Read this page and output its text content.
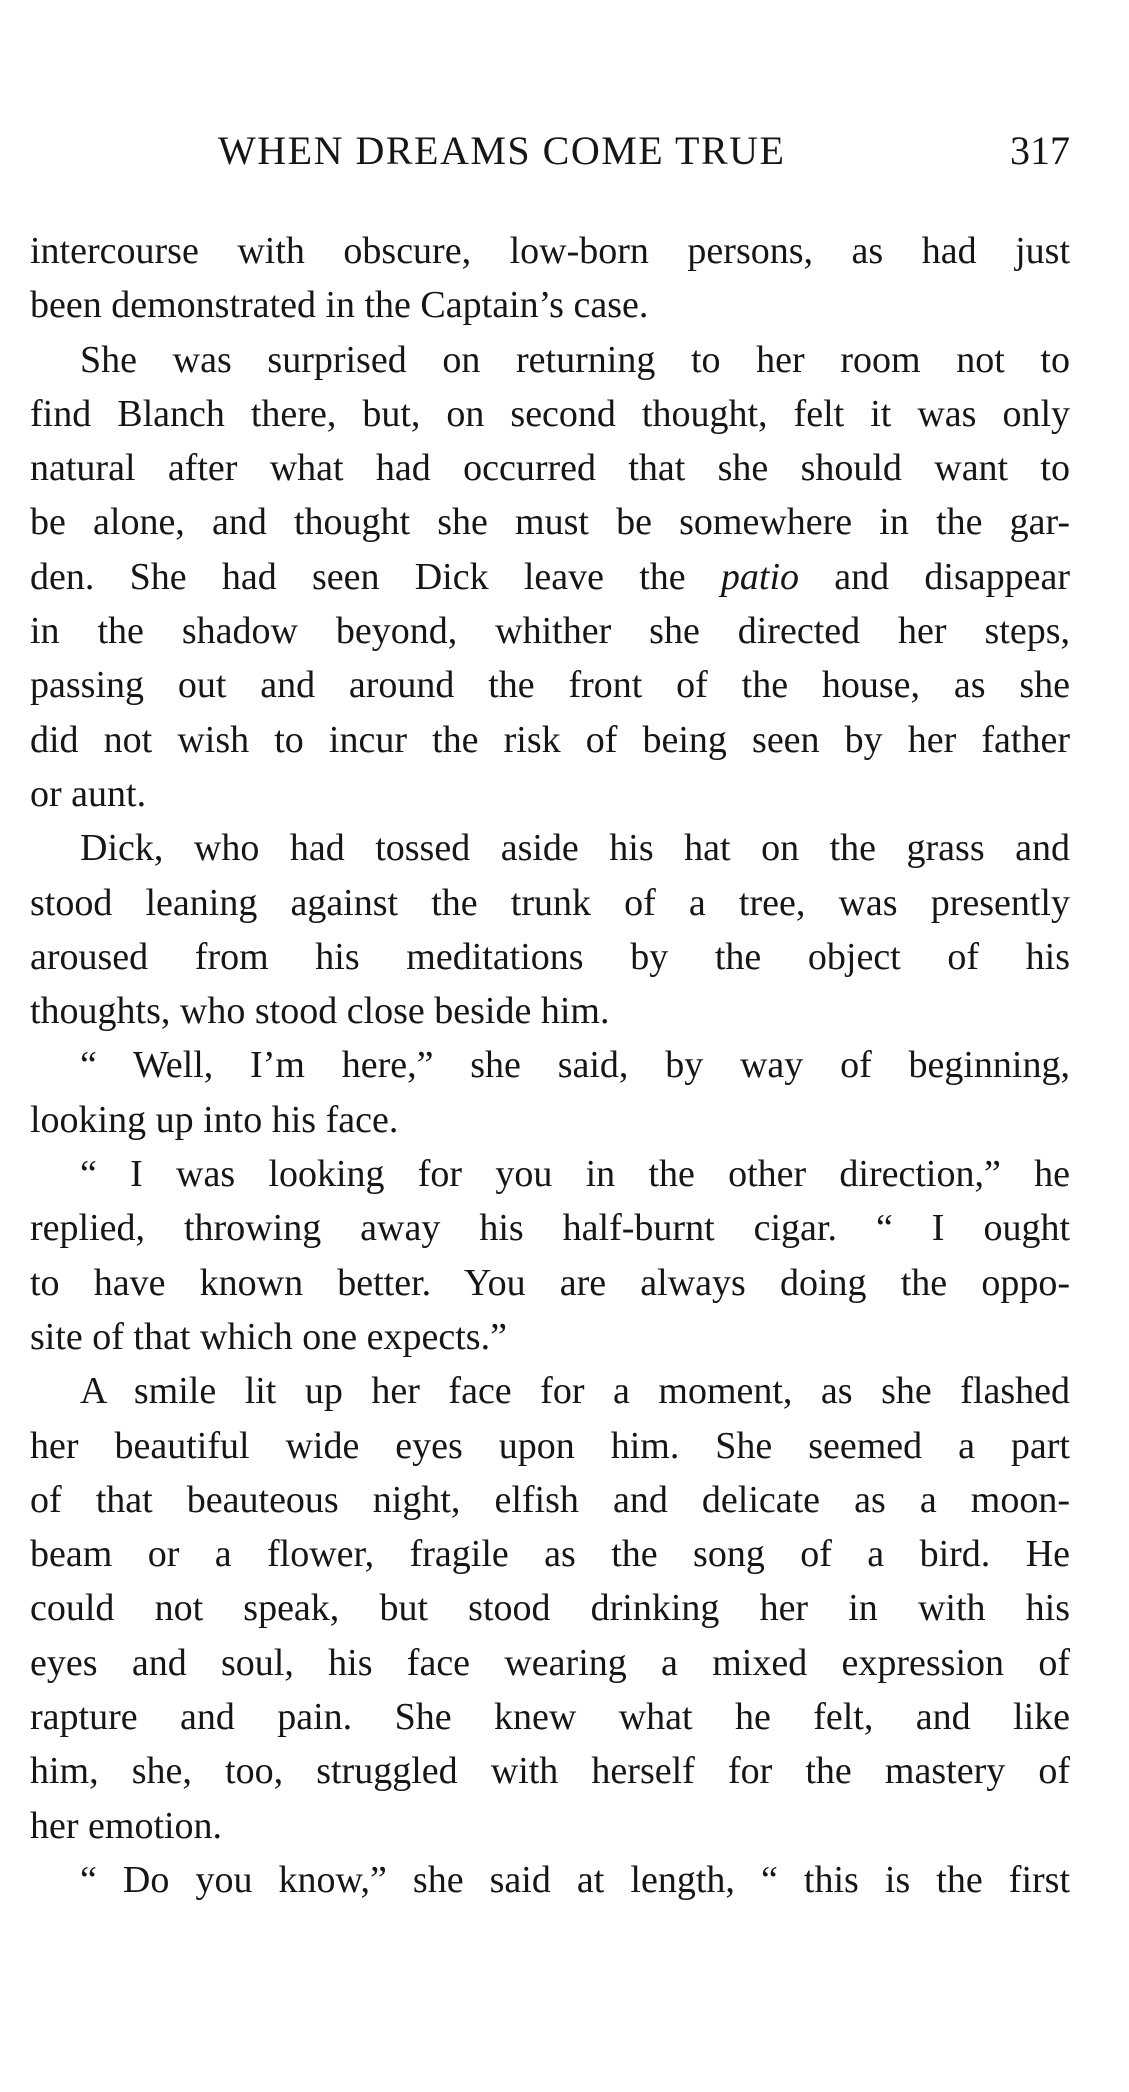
WHEN DREAMS COME TRUE	317
intercourse with obscure, low-born persons, as had just
been demonstrated in the Captain’s case.
She was surprised on returning to her room not to
find Blanch there, but, on second thought, felt it was only
natural after what had occurred that she should want to
be alone, and thought she must be somewhere in the gar-
den. She had seen Dick leave the patio and disappear
in the shadow beyond, whither she directed her steps,
passing out and around the front of the house, as she
did not wish to incur the risk of being seen by her father
or aunt.
Dick, who had tossed aside his hat on the grass and
stood leaning against the trunk of a tree, was presently
aroused from his meditations by the object of his
thoughts, who stood close beside him.
“ Well, I’m here,” she said, by way of beginning,
looking up into his face.
“ I was looking for you in the other direction,” he
replied, throwing away his half-burnt cigar. “ I ought
to have known better. You are always doing the oppo-
site of that which one expects.”
A smile lit up her face for a moment, as she flashed
her beautiful wide eyes upon him. She seemed a part
of that beauteous night, elfish and delicate as a moon-
beam or a flower, fragile as the song of a bird. He
could not speak, but stood drinking her in with his
eyes and soul, his face wearing a mixed expression of
rapture and pain. She knew what he felt, and like
him, she, too, struggled with herself for the mastery of
her emotion.
“ Do you know,” she said at length, “ this is the first
